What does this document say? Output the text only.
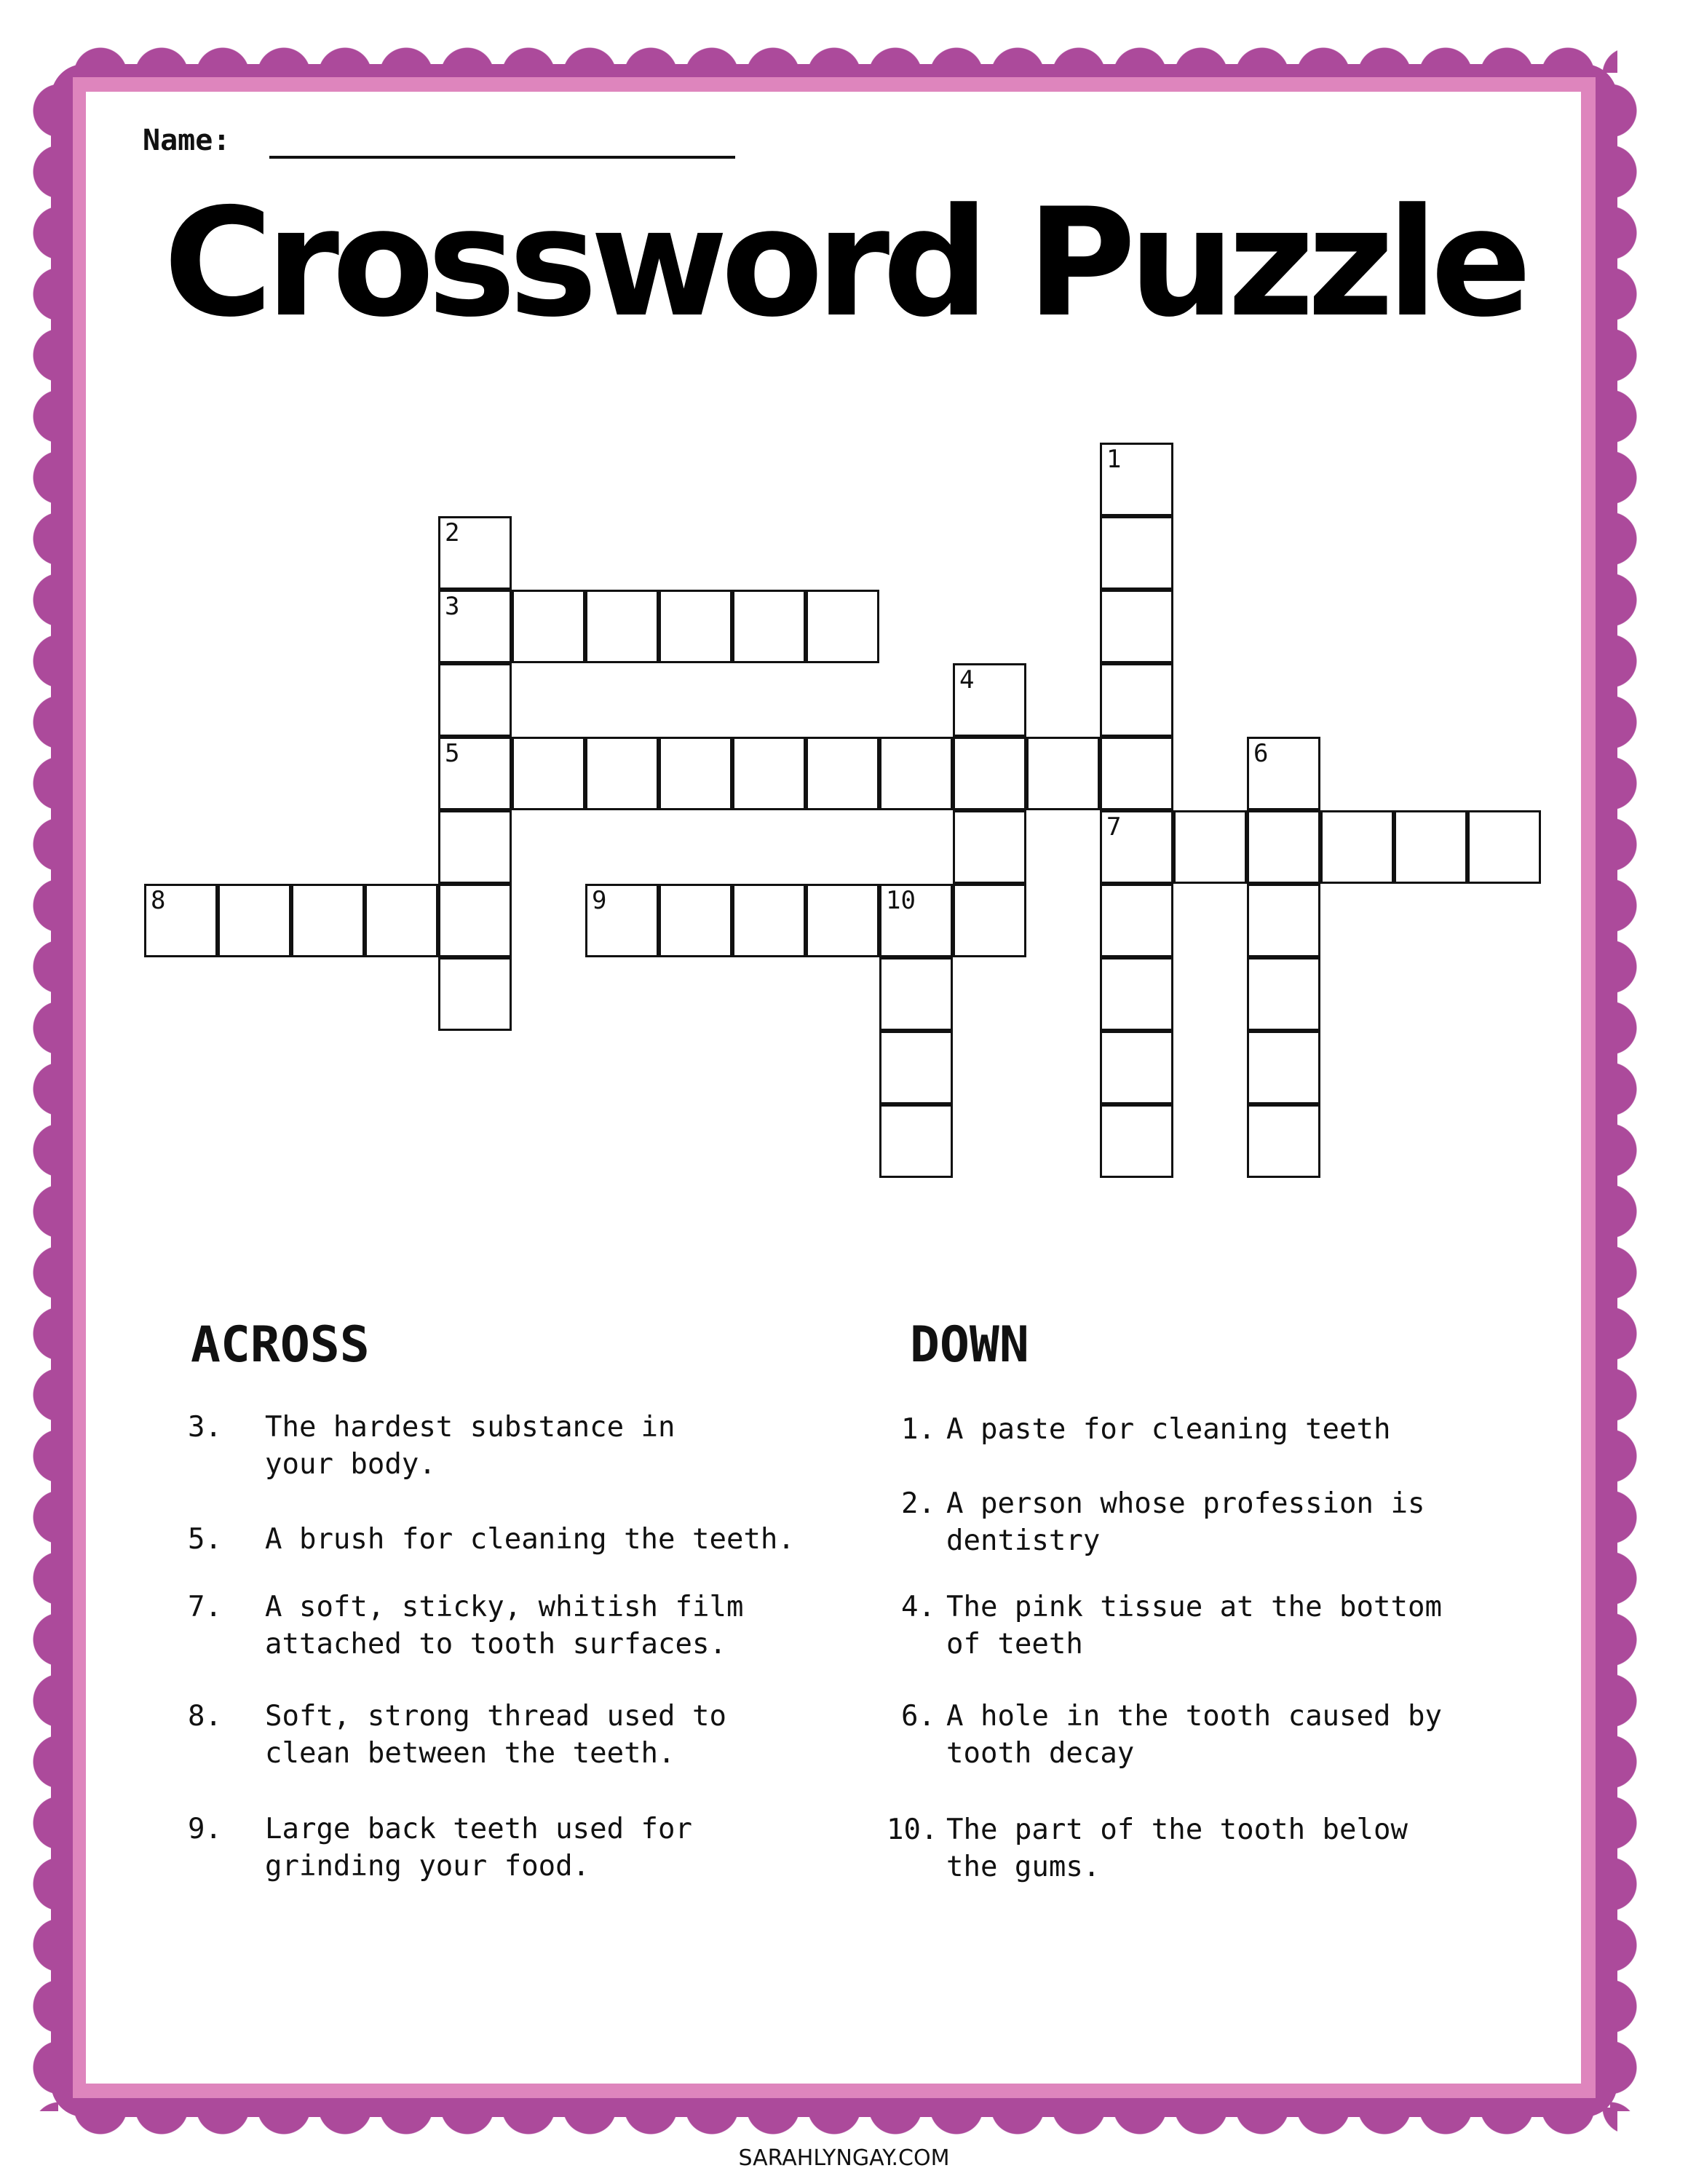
Name:
Crossword Puzzle
1
7
2
3
5
4
6
8	9	10
ACROSS	DOWN
3. The hardest substance in
your body.
5. A brush for cleaning the teeth.
7. A soft, sticky, whitish film
attached to tooth surfaces.
8. Soft, strong thread used to
clean between the teeth.
9. Large back teeth used for
grinding your food.
1. A paste for cleaning teeth
2. A person whose profession is
dentistry
4. The pink tissue at the bottom
of teeth
6. A hole in the tooth caused by
tooth decay
10. The part of the tooth below
the gums.
SARAHLYNGAY.COM
